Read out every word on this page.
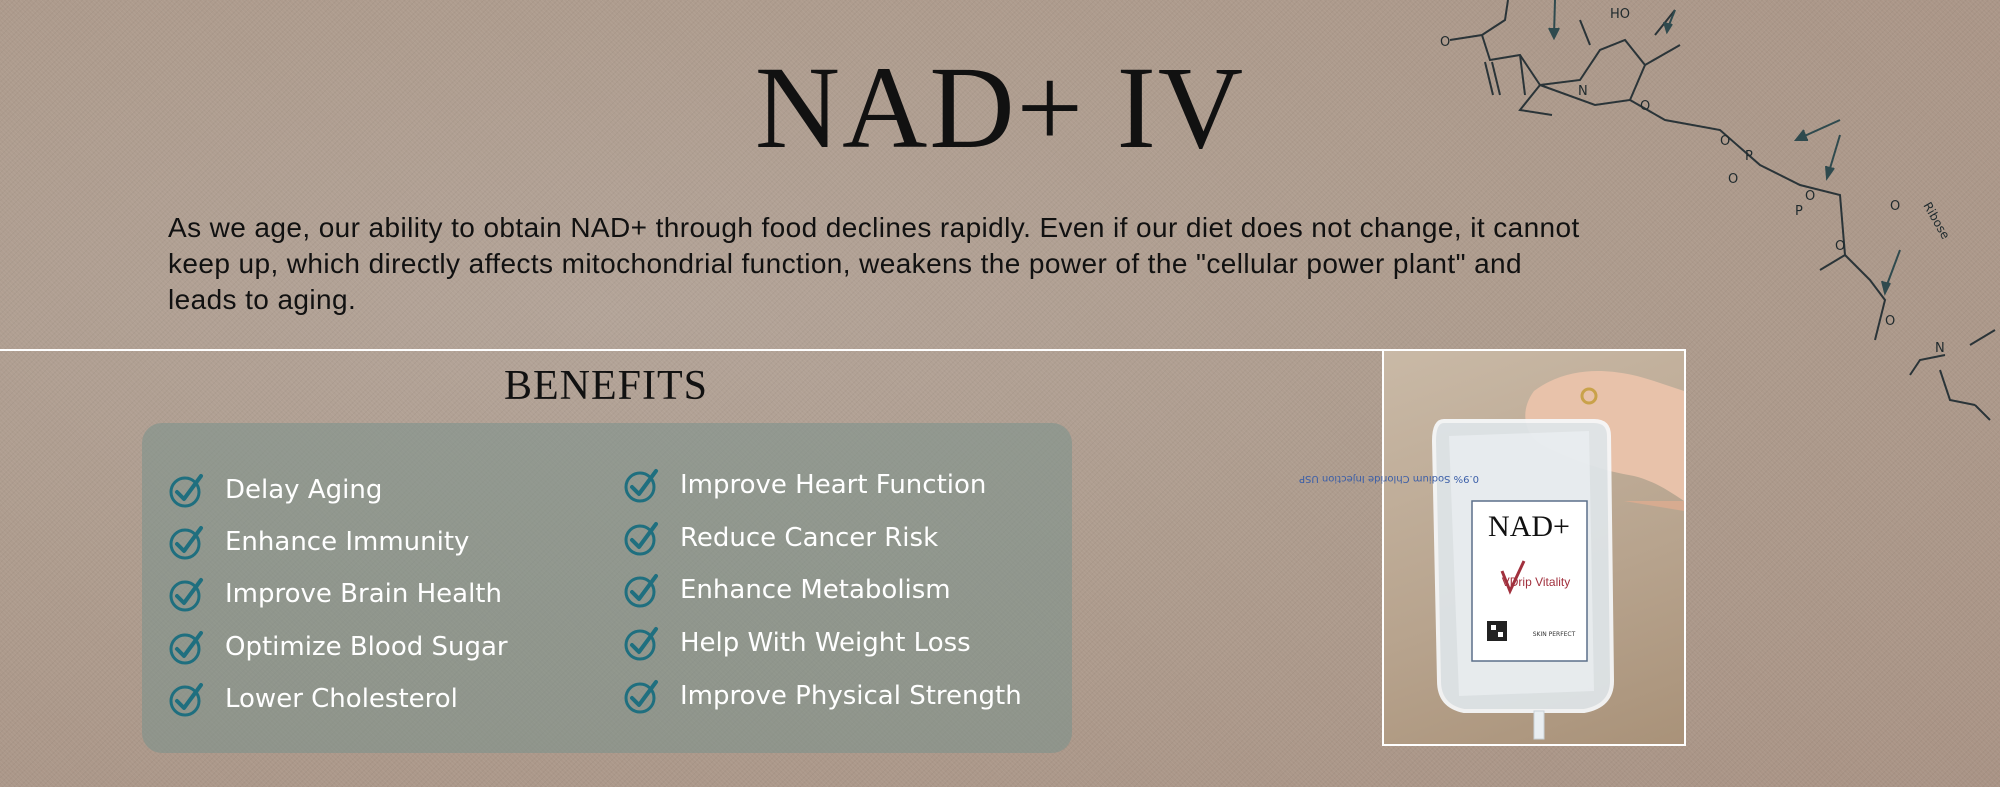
NAD+ IV
As we age, our ability to obtain NAD+ through food declines rapidly. Even if our diet does not change, it cannot keep up, which directly affects mitochondrial function, weakens the power of the "cellular power plant" and leads to aging.
BENEFITS
Delay Aging
Enhance Immunity
Improve Brain Health
Optimize Blood Sugar
Lower Cholesterol
Improve Heart Function
Reduce Cancer Risk
Enhance Metabolism
Help With Weight Loss
Improve Physical Strength
0.9% Sodium Chloride Injection USP
NAD+
VDrip Vitality
SKIN PERFECT
O
HO
N
O
O
P
O
O
P
O
O Ribose
O
N
